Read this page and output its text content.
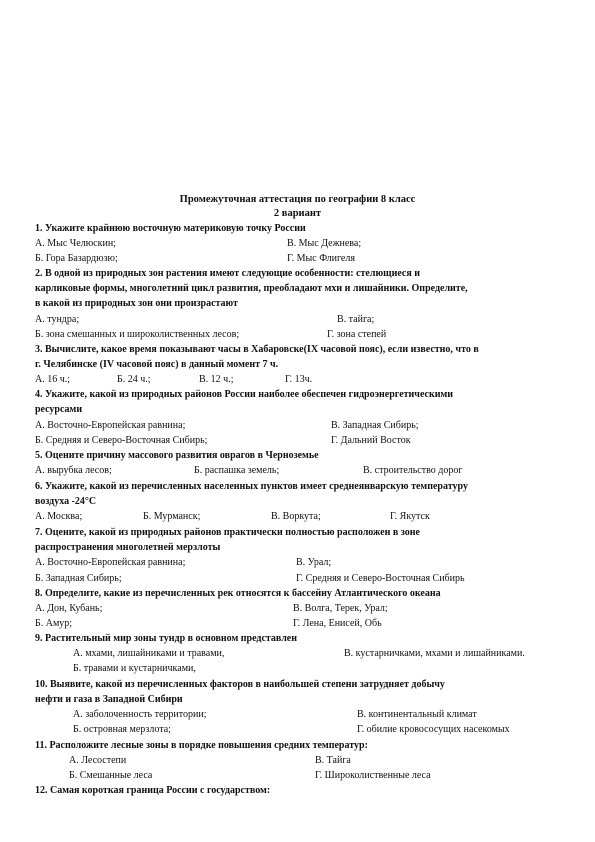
Промежуточная аттестация по географии 8 класс
2 вариант
1. Укажите крайнюю восточную материковую точку России
А. Мыс Челюскин;	В. Мыс Дежнева;
Б. Гора Базардюзю;	Г. Мыс Флигеля
2. В одной из природных зон растения имеют следующие особенности: стелющиеся и
карликовые формы, многолетний цикл развития, преобладают мхи и лишайники. Определите,
в какой из природных зон они произрастают
А. тундра;	В. тайга;
Б. зона смешанных и широколиственных лесов;	Г. зона степей
3. Вычислите, какое время показывают часы в Хабаровске(IX часовой пояс), если известно, что в
г. Челябинске (IV часовой пояс) в данный момент 7 ч.
А. 16 ч.;	Б. 24 ч.;	В. 12 ч.;	Г. 13ч.
4. Укажите, какой из природных районов России наиболее обеспечен гидроэнергетическими
ресурсами
А. Восточно-Европейская равнина;	В. Западная Сибирь;
Б. Средняя и Северо-Восточная Сибирь;	Г. Дальний Восток
5. Оцените причину массового развития оврагов в Черноземье
А. вырубка лесов;	Б. распашка земель;	В. строительство дорог
6. Укажите, какой из перечисленных населенных пунктов имеет среднеянварскую температуру
воздуха -24°С
А. Москва;	Б. Мурманск;	В. Воркута;	Г. Якутск
7. Оцените, какой из природных районов практически полностью расположен в зоне
распространения многолетней мерзлоты
А. Восточно-Европейская равнина;	В. Урал;
Б. Западная Сибирь;	Г. Средняя и Северо-Восточная Сибирь
8. Определите, какие из перечисленных рек относятся к бассейну Атлантического океана
А. Дон, Кубань;	В. Волга, Терек, Урал;
Б. Амур;	Г. Лена, Енисей, Обь
9. Растительный мир зоны тундр в основном представлен
А. мхами, лишайниками и травами,	В. кустарничками, мхами и лишайниками.
Б. травами и кустарничками,
10. Выявите, какой из перечисленных факторов в наибольшей степени затрудняет добычу
нефти и газа в Западной Сибири
А. заболоченность территории;	В. континентальный климат
Б. островная мерзлота;	Г. обилие кровососущих насекомых
11. Расположите лесные зоны в порядке повышения средних температур:
А. Лесостепи	В. Тайга
Б. Смешанные леса	Г. Широколиственные леса
12. Самая короткая граница России с государством:
